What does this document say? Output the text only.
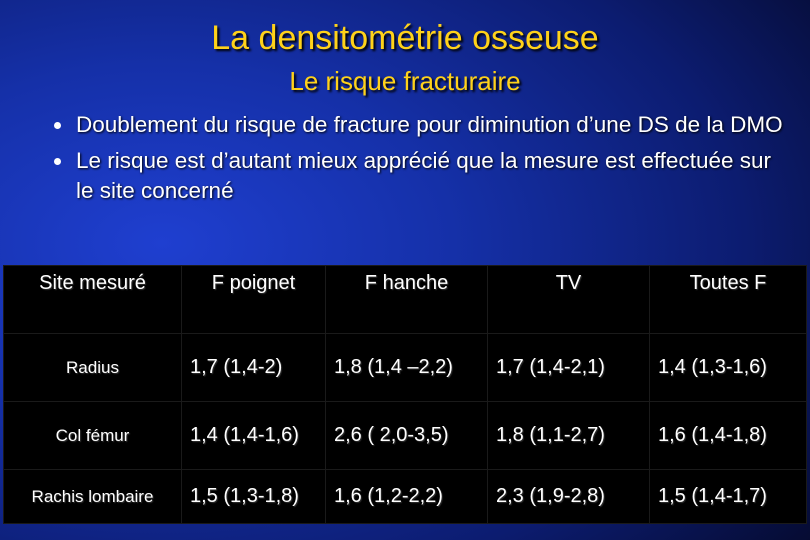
La densitométrie osseuse
Le risque fracturaire
Doublement du risque de fracture pour diminution d’une DS de la DMO
Le risque est d’autant mieux apprécié que la mesure est effectuée sur le site concerné
Site mesuré	F poignet	F hanche	TV	Toutes F
Radius	1,7 (1,4-2)	1,8 (1,4 –2,2)	1,7 (1,4-2,1)	1,4 (1,3-1,6)
Col fémur	1,4 (1,4-1,6)	2,6 ( 2,0-3,5)	1,8 (1,1-2,7)	1,6 (1,4-1,8)
Rachis lombaire	1,5 (1,3-1,8)	1,6 (1,2-2,2)	2,3 (1,9-2,8)	1,5 (1,4-1,7)
